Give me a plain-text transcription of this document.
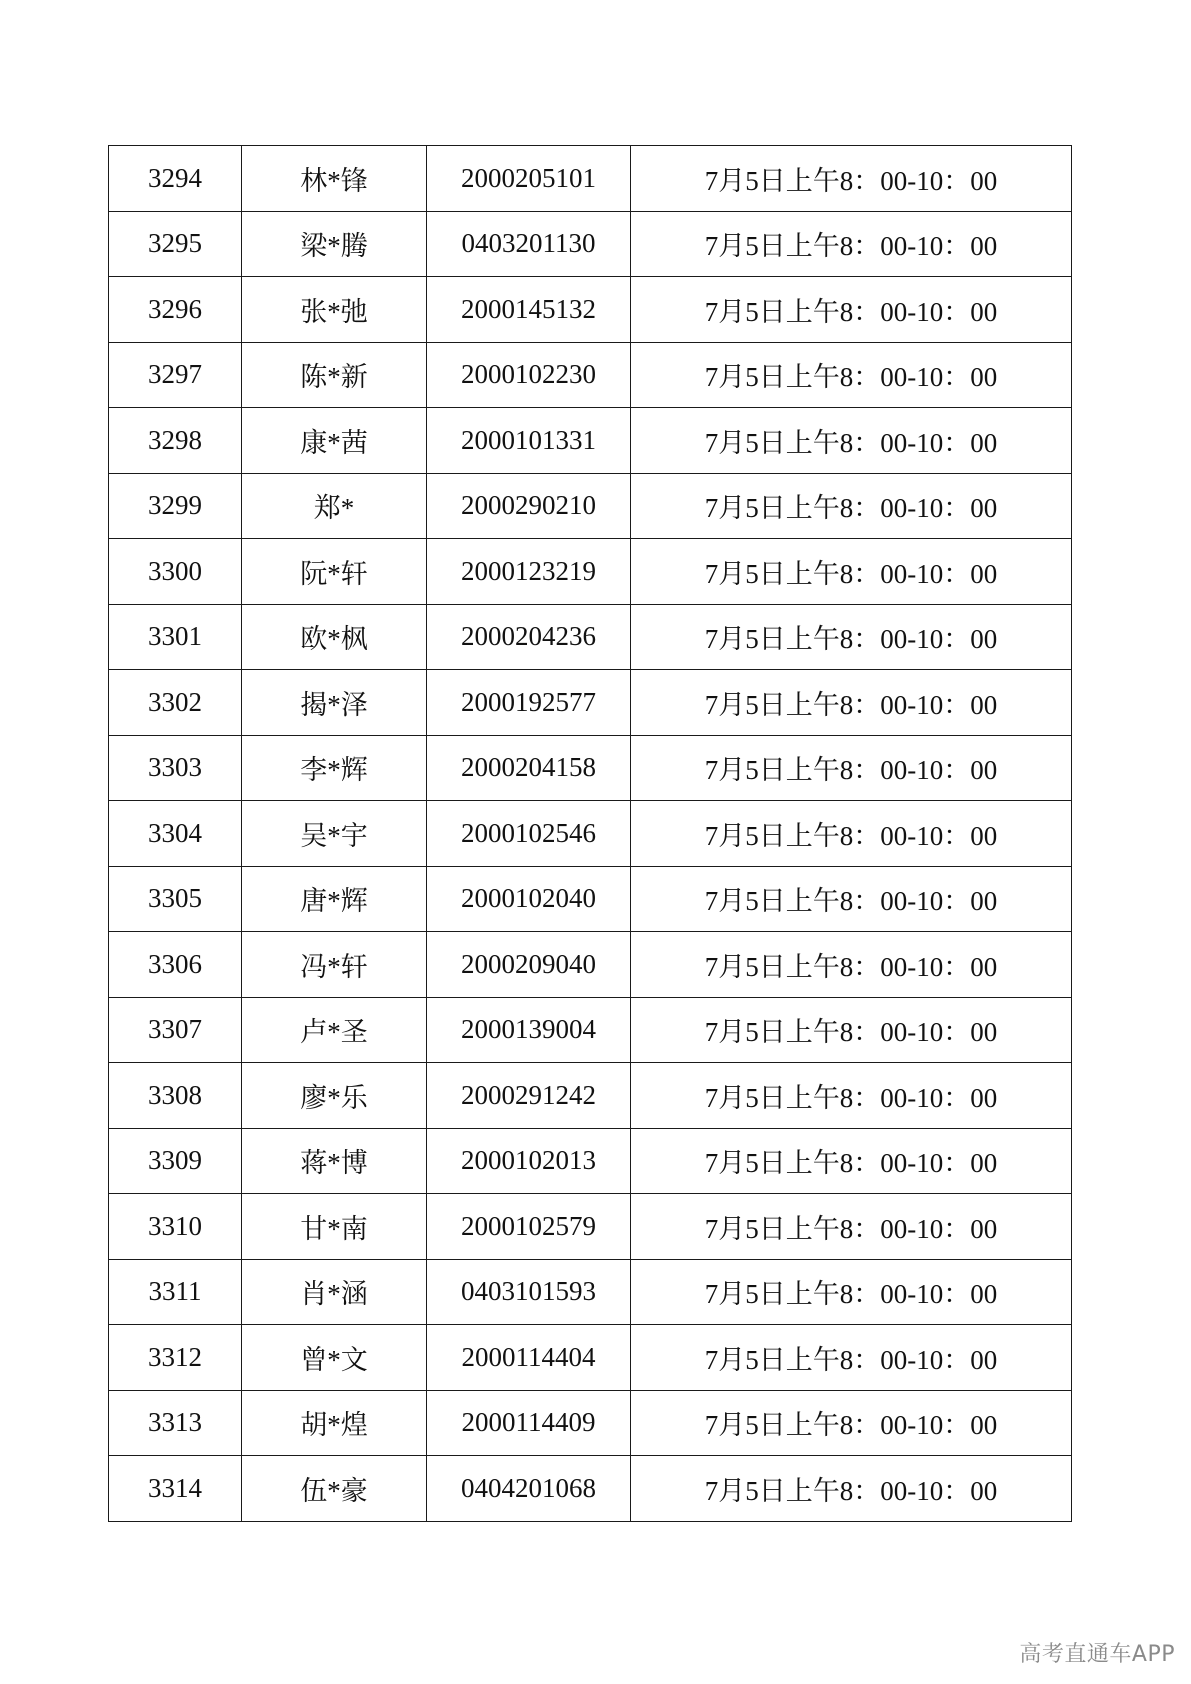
3294	林*锋	2000205101	7月5日上午8：00-10：00
3295	梁*腾	0403201130	7月5日上午8：00-10：00
3296	张*弛	2000145132	7月5日上午8：00-10：00
3297	陈*新	2000102230	7月5日上午8：00-10：00
3298	康*茜	2000101331	7月5日上午8：00-10：00
3299	郑*	2000290210	7月5日上午8：00-10：00
3300	阮*轩	2000123219	7月5日上午8：00-10：00
3301	欧*枫	2000204236	7月5日上午8：00-10：00
3302	揭*泽	2000192577	7月5日上午8：00-10：00
3303	李*辉	2000204158	7月5日上午8：00-10：00
3304	吴*宇	2000102546	7月5日上午8：00-10：00
3305	唐*辉	2000102040	7月5日上午8：00-10：00
3306	冯*轩	2000209040	7月5日上午8：00-10：00
3307	卢*圣	2000139004	7月5日上午8：00-10：00
3308	廖*乐	2000291242	7月5日上午8：00-10：00
3309	蒋*博	2000102013	7月5日上午8：00-10：00
3310	甘*南	2000102579	7月5日上午8：00-10：00
3311	肖*涵	0403101593	7月5日上午8：00-10：00
3312	曾*文	2000114404	7月5日上午8：00-10：00
3313	胡*煌	2000114409	7月5日上午8：00-10：00
3314	伍*豪	0404201068	7月5日上午8：00-10：00
高考直通车APP
